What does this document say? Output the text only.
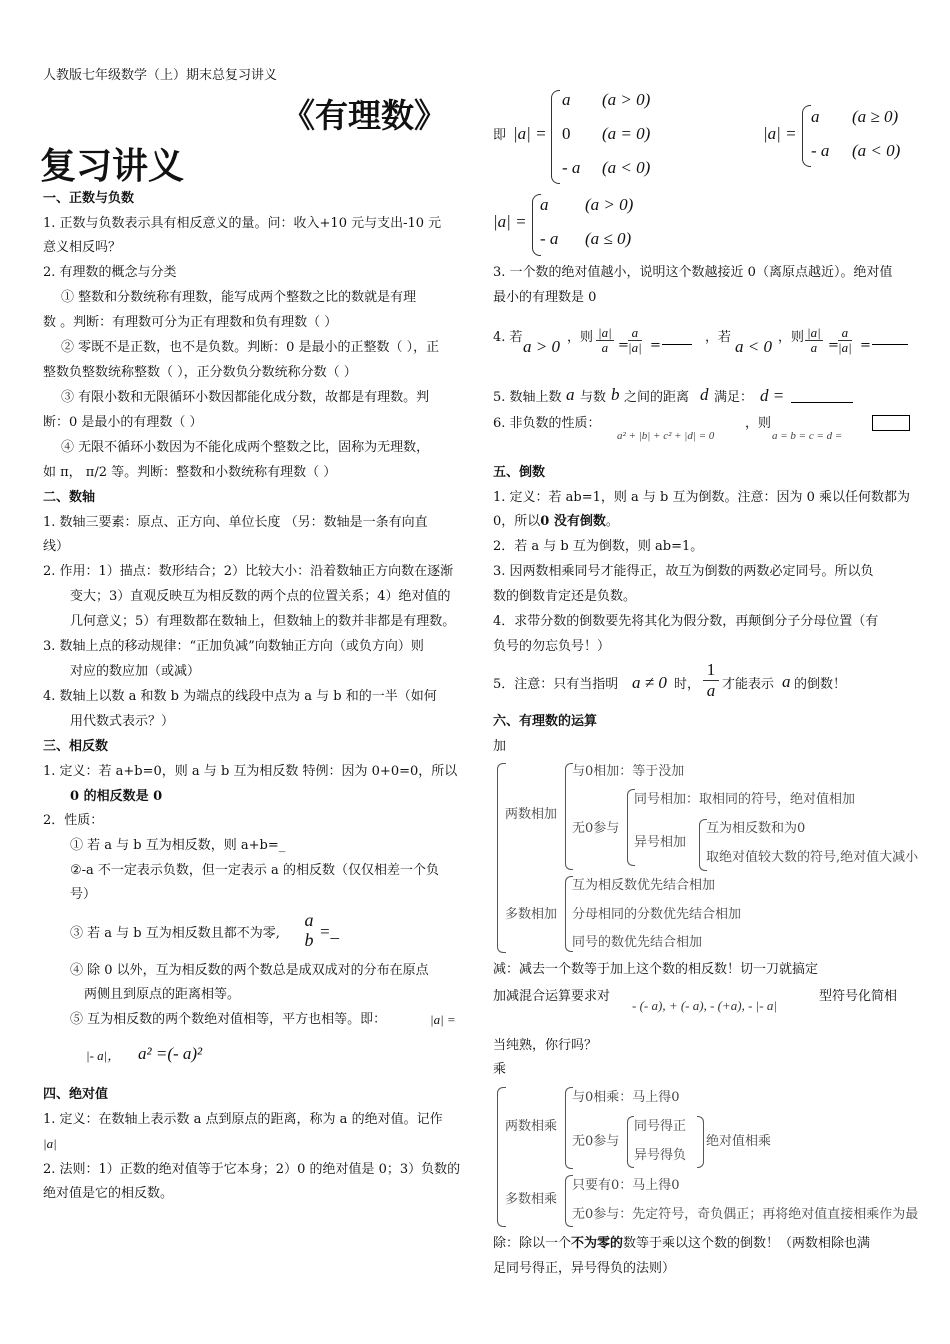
人教版七年级数学（上）期末总复习讲义
《有理数》
复习讲义
一、正数与负数
1. 正数与负数表示具有相反意义的量。问：收入+10 元与支出-10 元
意义相反吗？
2. 有理数的概念与分类
① 整数和分数统称有理数，能写成两个整数之比的数就是有理
数 。判断：有理数可分为正有理数和负有理数（ ）
② 零既不是正数，也不是负数。判断：0 是最小的正整数（ ），正
整数负整数统称整数（ ），正分数负分数统称分数（ ）
③ 有限小数和无限循环小数因都能化成分数，故都是有理数。判
断：0 是最小的有理数（ ）
④ 无限不循环小数因为不能化成两个整数之比，固称为无理数，
如 π， π/2 等。判断：整数和小数统称有理数（ ）
二、数轴
1. 数轴三要素：原点、正方向、单位长度 （另：数轴是一条有向直
线）
2. 作用：1）描点：数形结合；2）比较大小：沿着数轴正方向数在逐渐
变大；3）直观反映互为相反数的两个点的位置关系；4）绝对值的
几何意义；5）有理数都在数轴上，但数轴上的数并非都是有理数。
3. 数轴上点的移动规律：“正加负减”向数轴正方向（或负方向）则
对应的数应加（或减）
4. 数轴上以数 a 和数 b 为端点的线段中点为 a 与 b 和的一半（如何
用代数式表示？）
三、相反数
1. 定义：若 a+b=0，则 a 与 b 互为相反数 特例：因为 0+0=0，所以
0 的相反数是 0
2．性质：
① 若 a 与 b 互为相反数，则 a+b=_
②-a 不一定表示负数，但一定表示 a 的相反数（仅仅相差一个负
号）
③ 若 a 与 b 互为相反数且都不为零,
a
b =_
④ 除 0 以外，互为相反数的两个数总是成双成对的分布在原点
两侧且到原点的距离相等。
⑤ 互为相反数的两个数绝对值相等，平方也相等。即：	|a| =
|- a|， a² =(- a)²
四、绝对值
1. 定义：在数轴上表示数 a 点到原点的距离，称为 a 的绝对值。记作
|a|
2. 法则：1）正数的绝对值等于它本身；2）0 的绝对值是 0；3）负数的
绝对值是它的相反数。
即 |a| =
a (a > 0)
0 (a = 0)
- a (a < 0)
|a| =
a (a ≥ 0)
- a (a < 0)
|a| =
a (a > 0)
- a (a ≤ 0)
3. 一个数的绝对值越小，说明这个数越接近 0（离原点越近）。绝对值
最小的有理数是 0
4. 若 a > 0 ，则 $\frac{|a|}{a} = \frac{a}{|a|}$ =
，若 a < 0 ，则 $\frac{|a|}{a} = \frac{a}{|a|}$ =
5. 数轴上数 a 与数 b 之间的距离 d 满足： d =
6. 非负数的性质：
a² + |b| + c² + |d| = 0
，则
a = b = c = d =
五、倒数
1. 定义：若 ab=1，则 a 与 b 互为倒数。注意：因为 0 乘以任何数都为
0，所以0 没有倒数。
2．若 a 与 b 互为倒数，则 ab=1。
3. 因两数相乘同号才能得正，故互为倒数的两数必定同号。所以负
数的倒数肯定还是负数。
4．求带分数的倒数要先将其化为假分数，再颠倒分子分母位置（有
负号的勿忘负号！）
5．注意：只有当指明 a ≠ 0 时，
1
a 才能表示 a 的倒数！
六、有理数的运算
加
两数相加
与0相加：等于没加
无0参与
同号相加：取相同的符号，绝对值相加
异号相加
互为相反数和为0
取绝对值较大数的符号,绝对值大减小
多数相加
互为相反数优先结合相加
分母相同的分数优先结合相加
同号的数优先结合相加
减：减去一个数等于加上这个数的相反数！切一刀就搞定
加减混合运算要求对
- (- a), + (- a), - (+a), - |- a|
型符号化简相
当纯熟，你行吗？
乘
两数相乘
与0相乘：马上得0
无0参与
同号得正
异号得负
绝对值相乘
多数相乘
只要有0：马上得0
无0参与：先定符号，奇负偶正；再将绝对值直接相乘作为最
除：除以一个不为零的数等于乘以这个数的倒数！（两数相除也满
足同号得正，异号得负的法则）
